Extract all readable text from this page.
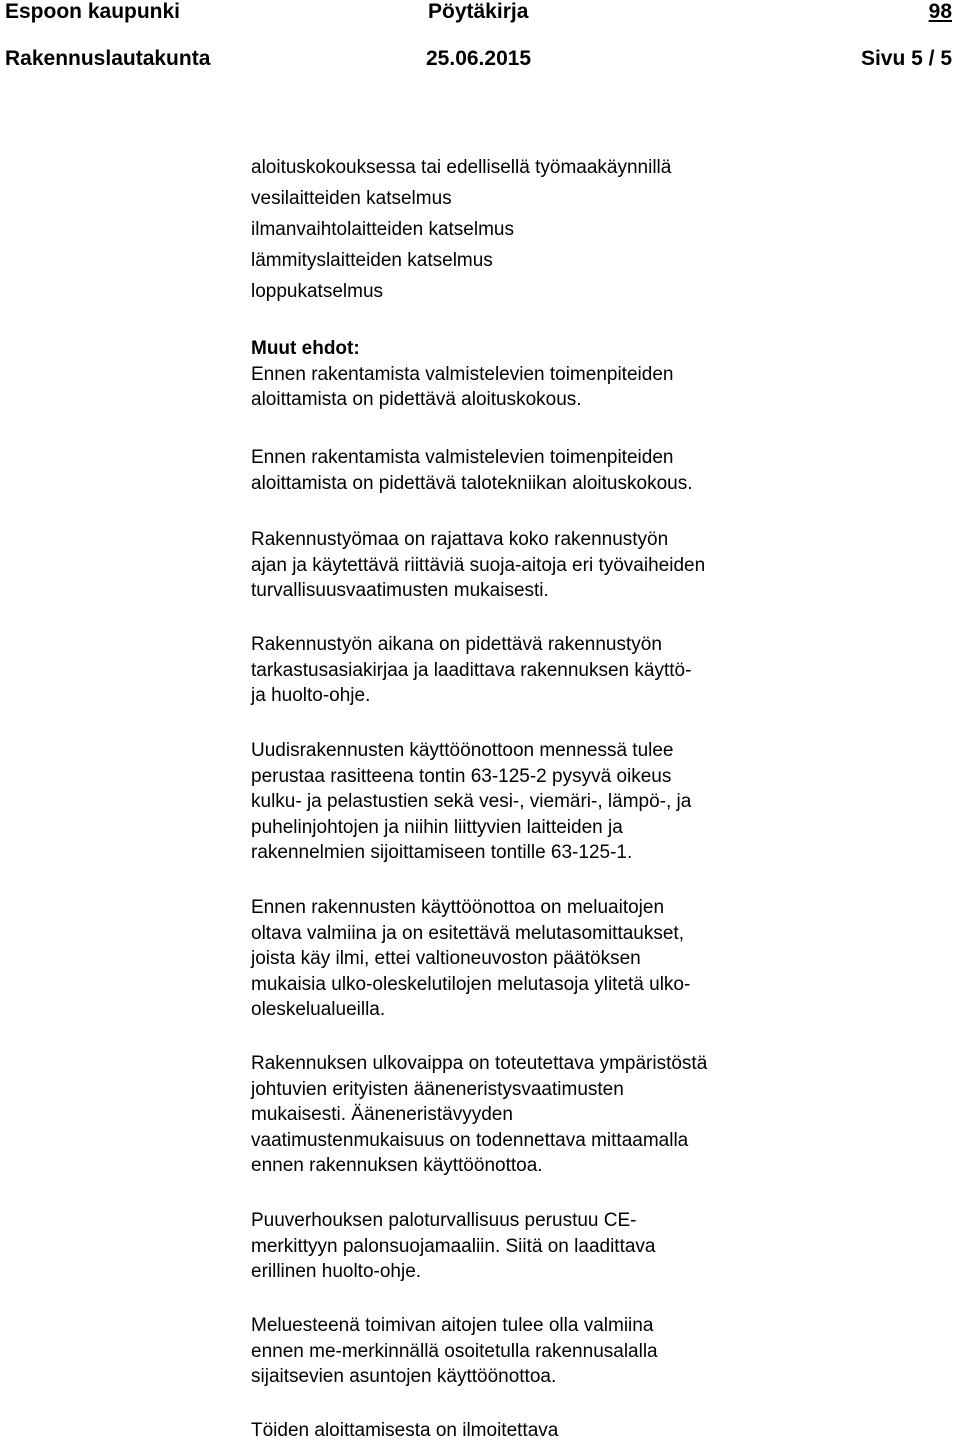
Espoon kaupunki	Pöytäkirja	98
Rakennuslautakunta	25.06.2015	Sivu 5 / 5
aloituskokouksessa tai edellisellä työmaakäynnillä
vesilaitteiden katselmus
ilmanvaihtolaitteiden katselmus
lämmityslaitteiden katselmus
loppukatselmus
Muut ehdot:
Ennen rakentamista valmistelevien toimenpiteiden
aloittamista on pidettävä aloituskokous.
Ennen rakentamista valmistelevien toimenpiteiden
aloittamista on pidettävä talotekniikan aloituskokous.
Rakennustyömaa on rajattava koko rakennustyön
ajan ja käytettävä riittäviä suoja-aitoja eri työvaiheiden
turvallisuusvaatimusten mukaisesti.
Rakennustyön aikana on pidettävä rakennustyön
tarkastusasiakirjaa ja laadittava rakennuksen käyttö-
ja huolto-ohje.
Uudisrakennusten käyttöönottoon mennessä tulee
perustaa rasitteena tontin 63-125-2 pysyvä oikeus
kulku- ja pelastustien sekä vesi-, viemäri-, lämpö-, ja
puhelinjohtojen ja niihin liittyvien laitteiden ja
rakennelmien sijoittamiseen tontille 63-125-1.
Ennen rakennusten käyttöönottoa on meluaitojen
oltava valmiina ja on esitettävä melutasomittaukset,
joista käy ilmi, ettei valtioneuvoston päätöksen
mukaisia ulko-oleskelutilojen melutasoja ylitetä ulko-
oleskelualueilla.
Rakennuksen ulkovaippa on toteutettava ympäristöstä
johtuvien erityisten ääneneristysvaatimusten
mukaisesti. Ääneneristävyyden
vaatimustenmukaisuus on todennettava mittaamalla
ennen rakennuksen käyttöönottoa.
Puuverhouksen paloturvallisuus perustuu CE-
merkittyyn palonsuojamaaliin. Siitä on laadittava
erillinen huolto-ohje.
Meluesteenä toimivan aitojen tulee olla valmiina
ennen me-merkinnällä osoitetulla rakennusalalla
sijaitsevien asuntojen käyttöönottoa.
Töiden aloittamisesta on ilmoitettava
